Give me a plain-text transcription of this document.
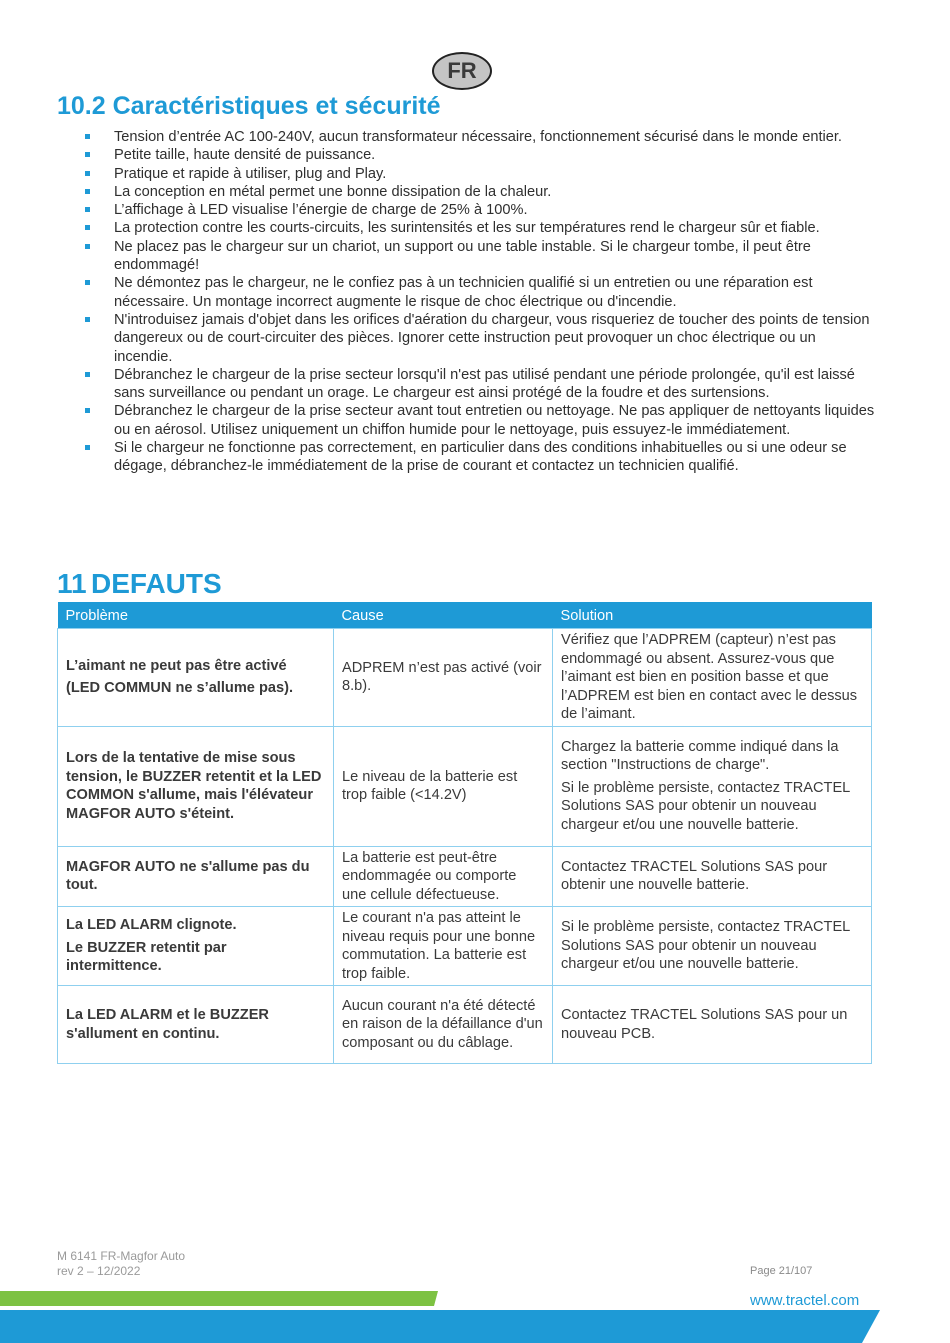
FR
10.2 Caractéristiques et sécurité
Tension d’entrée AC 100-240V, aucun transformateur nécessaire, fonctionnement sécurisé dans le monde entier.
Petite taille, haute densité de puissance.
Pratique et rapide à utiliser, plug and Play.
La conception en métal permet une bonne dissipation de la chaleur.
L’affichage à LED visualise l’énergie de charge de 25% à 100%.
La protection contre les courts-circuits, les surintensités et les sur températures rend le chargeur sûr et fiable.
Ne placez pas le chargeur sur un chariot, un support ou une table instable. Si le chargeur tombe, il peut être endommagé!
Ne démontez pas le chargeur, ne le confiez pas à un technicien qualifié si un entretien ou une réparation est nécessaire. Un montage incorrect augmente le risque de choc électrique ou d'incendie.
N'introduisez jamais d'objet dans les orifices d'aération du chargeur, vous risqueriez de toucher des points de tension dangereux ou de court-circuiter des pièces. Ignorer cette instruction peut provoquer un choc électrique ou un incendie.
Débranchez le chargeur de la prise secteur lorsqu'il n'est pas utilisé pendant une période prolongée, qu'il est laissé sans surveillance ou pendant un orage. Le chargeur est ainsi protégé de la foudre et des surtensions.
Débranchez le chargeur de la prise secteur avant tout entretien ou nettoyage. Ne pas appliquer de nettoyants liquides ou en aérosol. Utilisez uniquement un chiffon humide pour le nettoyage, puis essuyez-le immédiatement.
Si le chargeur ne fonctionne pas correctement, en particulier dans des conditions inhabituelles ou si une odeur se dégage, débranchez-le immédiatement de la prise de courant et contactez un technicien qualifié.
11 DEFAUTS
Problème	Cause	Solution

L’aimant ne peut pas être activé
(LED COMMUN ne s’allume pas).	ADPREM n’est pas activé (voir 8.b).	Vérifiez que l’ADPREM (capteur) n’est pas endommagé ou absent. Assurez-vous que l’aimant est bien en position basse et que l’ADPREM est bien en contact avec le dessus de l’aimant.
Lors de la tentative de mise sous tension, le BUZZER retentit et la LED COMMON s'allume, mais l'élévateur MAGFOR AUTO s'éteint.	Le niveau de la batterie est trop faible (<14.2V)	Chargez la batterie comme indiqué dans la section "Instructions de charge".
Si le problème persiste, contactez TRACTEL Solutions SAS pour obtenir un nouveau chargeur et/ou une nouvelle batterie.

MAGFOR AUTO ne s'allume pas du tout.	La batterie est peut-être endommagée ou comporte une cellule défectueuse.	Contactez TRACTEL Solutions SAS pour obtenir une nouvelle batterie.

La LED ALARM clignote.
Le BUZZER retentit par intermittence.	Le courant n'a pas atteint le niveau requis pour une bonne commutation. La batterie est trop faible.	Si le problème persiste, contactez TRACTEL Solutions SAS pour obtenir un nouveau chargeur et/ou une nouvelle batterie.
La LED ALARM et le BUZZER s'allument en continu.	Aucun courant n'a été détecté en raison de la défaillance d'un composant ou du câblage.	Contactez TRACTEL Solutions SAS pour un nouveau PCB.
M 6141 FR-Magfor Auto
rev 2 – 12/2022	Page 21/107
www.tractel.com
